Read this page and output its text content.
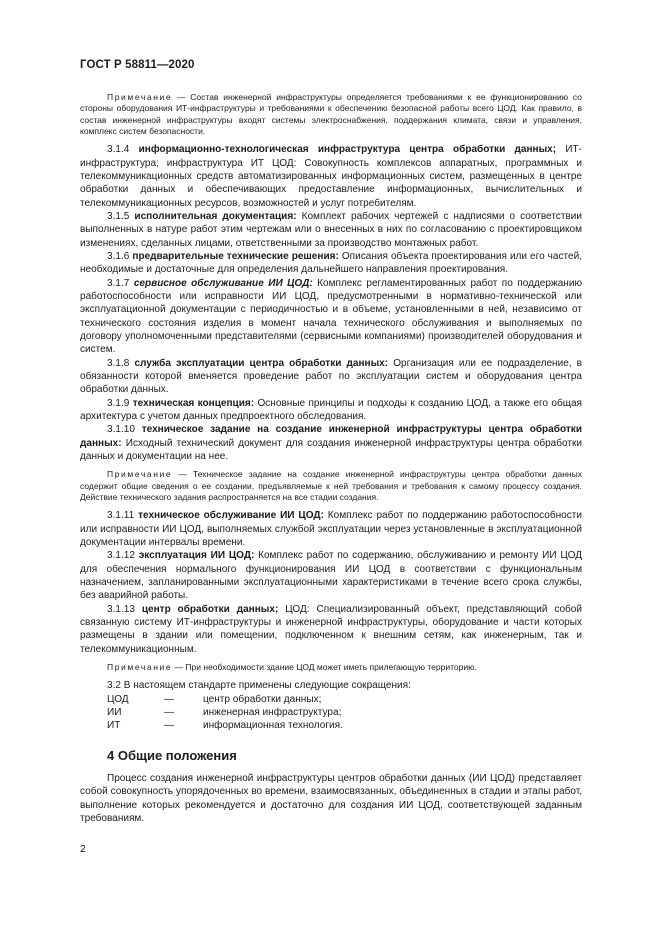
ГОСТ Р 58811—2020

Примечание — Состав инженерной инфраструктуры определяется требованиями к ее функционированию со стороны оборудования ИТ-инфраструктуры и требованиями к обеспечению безопасной работы всего ЦОД. Как правило, в состав инженерной инфраструктуры входят системы электроснабжения, поддержания климата, связи и управления, комплекс систем безопасности.

3.1.4 информационно-технологическая инфраструктура центра обработки данных; ИТ-инфраструктура; инфраструктура ИТ ЦОД: Совокупность комплексов аппаратных, программных и телекоммуникационных средств автоматизированных информационных систем, размещенных в центре обработки данных и обеспечивающих предоставление информационных, вычислительных и телекоммуникационных ресурсов, возможностей и услуг потребителям.

3.1.5 исполнительная документация: Комплект рабочих чертежей с надписями о соответствии выполненных в натуре работ этим чертежам или о внесенных в них по согласованию с проектировщиком изменениях, сделанных лицами, ответственными за производство монтажных работ.

3.1.6 предварительные технические решения: Описания объекта проектирования или его частей, необходимые и достаточные для определения дальнейшего направления проектирования.

3.1.7 сервисное обслуживание ИИ ЦОД: Комплекс регламентированных работ по поддержанию работоспособности или исправности ИИ ЦОД, предусмотренными в нормативно-технической или эксплуатационной документации с периодичностью и в объеме, установленными в ней, независимо от технического состояния изделия в момент начала технического обслуживания и выполняемых по договору уполномоченными представителями (сервисными компаниями) производителей оборудования и систем.

3.1.8 служба эксплуатации центра обработки данных: Организация или ее подразделение, в обязанности которой вменяется проведение работ по эксплуатации систем и оборудования центра обработки данных.

3.1.9 техническая концепция: Основные принципы и подходы к созданию ЦОД, а также его общая архитектура с учетом данных предпроектного обследования.

3.1.10 техническое задание на создание инженерной инфраструктуры центра обработки данных: Исходный технический документ для создания инженерной инфраструктуры центра обработки данных и документации на нее.

Примечание — Техническое задание на создание инженерной инфраструктуры центра обработки данных содержит общие сведения о ее создании, предъявляемые к ней требования и требования к самому процессу создания. Действие технического задания распространяется на все стадии создания.

3.1.11 техническое обслуживание ИИ ЦОД: Комплекс работ по поддержанию работоспособности или исправности ИИ ЦОД, выполняемых службой эксплуатации через установленные в эксплуатационной документации интервалы времени.

3.1.12 эксплуатация ИИ ЦОД: Комплекс работ по содержанию, обслуживанию и ремонту ИИ ЦОД для обеспечения нормального функционирования ИИ ЦОД в соответствии с функциональным назначением, запланированными эксплуатационными характеристиками в течение всего срока службы, без аварийной работы.

3.1.13 центр обработки данных; ЦОД: Специализированный объект, представляющий собой связанную систему ИТ-инфраструктуры и инженерной инфраструктуры, оборудование и части которых размещены в здании или помещении, подключенном к внешним сетям, как инженерным, так и телекоммуникационным.

Примечание — При необходимости здание ЦОД может иметь прилегающую территорию.

3.2 В настоящем стандарте применены следующие сокращения:

ЦОД	—	центр обработки данных;
ИИ	—	инженерная инфраструктура;
ИТ	—	информационная технология.
4 Общие положения

Процесс создания инженерной инфраструктуры центров обработки данных (ИИ ЦОД) представляет собой совокупность упорядоченных во времени, взаимосвязанных, объединенных в стадии и этапы работ, выполнение которых рекомендуется и достаточно для создания ИИ ЦОД, соответствующей заданным требованиям.

2
